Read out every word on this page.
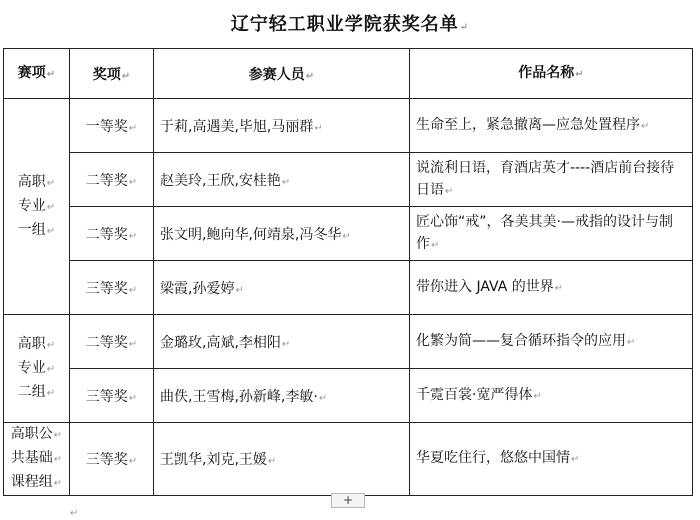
辽宁轻工职业学院获奖名单↵
赛项↵	奖项↵	参赛人员↵	作品名称↵
高职↵
专业↵
一组↵	一等奖↵	于莉,高遇美,毕旭,马丽群↵	生命至上，紧急撤离—应急处置程序↵
	二等奖↵	赵美玲,王欣,安桂艳↵	说流利日语，育酒店英才----酒店前台接待日语↵
	二等奖↵	张文明,鲍向华,何靖泉,冯冬华↵	匠心饰“戒”，各美其美·—戒指的设计与制作↵
	三等奖↵	梁霞,孙爱婷↵	带你进入 JAVA 的世界↵
高职↵
专业↵
二组↵	二等奖↵	金璐玫,高斌,李相阳↵	化繁为简——复合循环指令的应用↵
	三等奖↵	曲佚,王雪梅,孙新峰,李敏·↵	千霓百裳·宽严得体↵
高职公↵
共基础↵
课程组↵	三等奖↵	王凯华,刘克,王媛↵	华夏吃住行，悠悠中国情↵
+
↵
